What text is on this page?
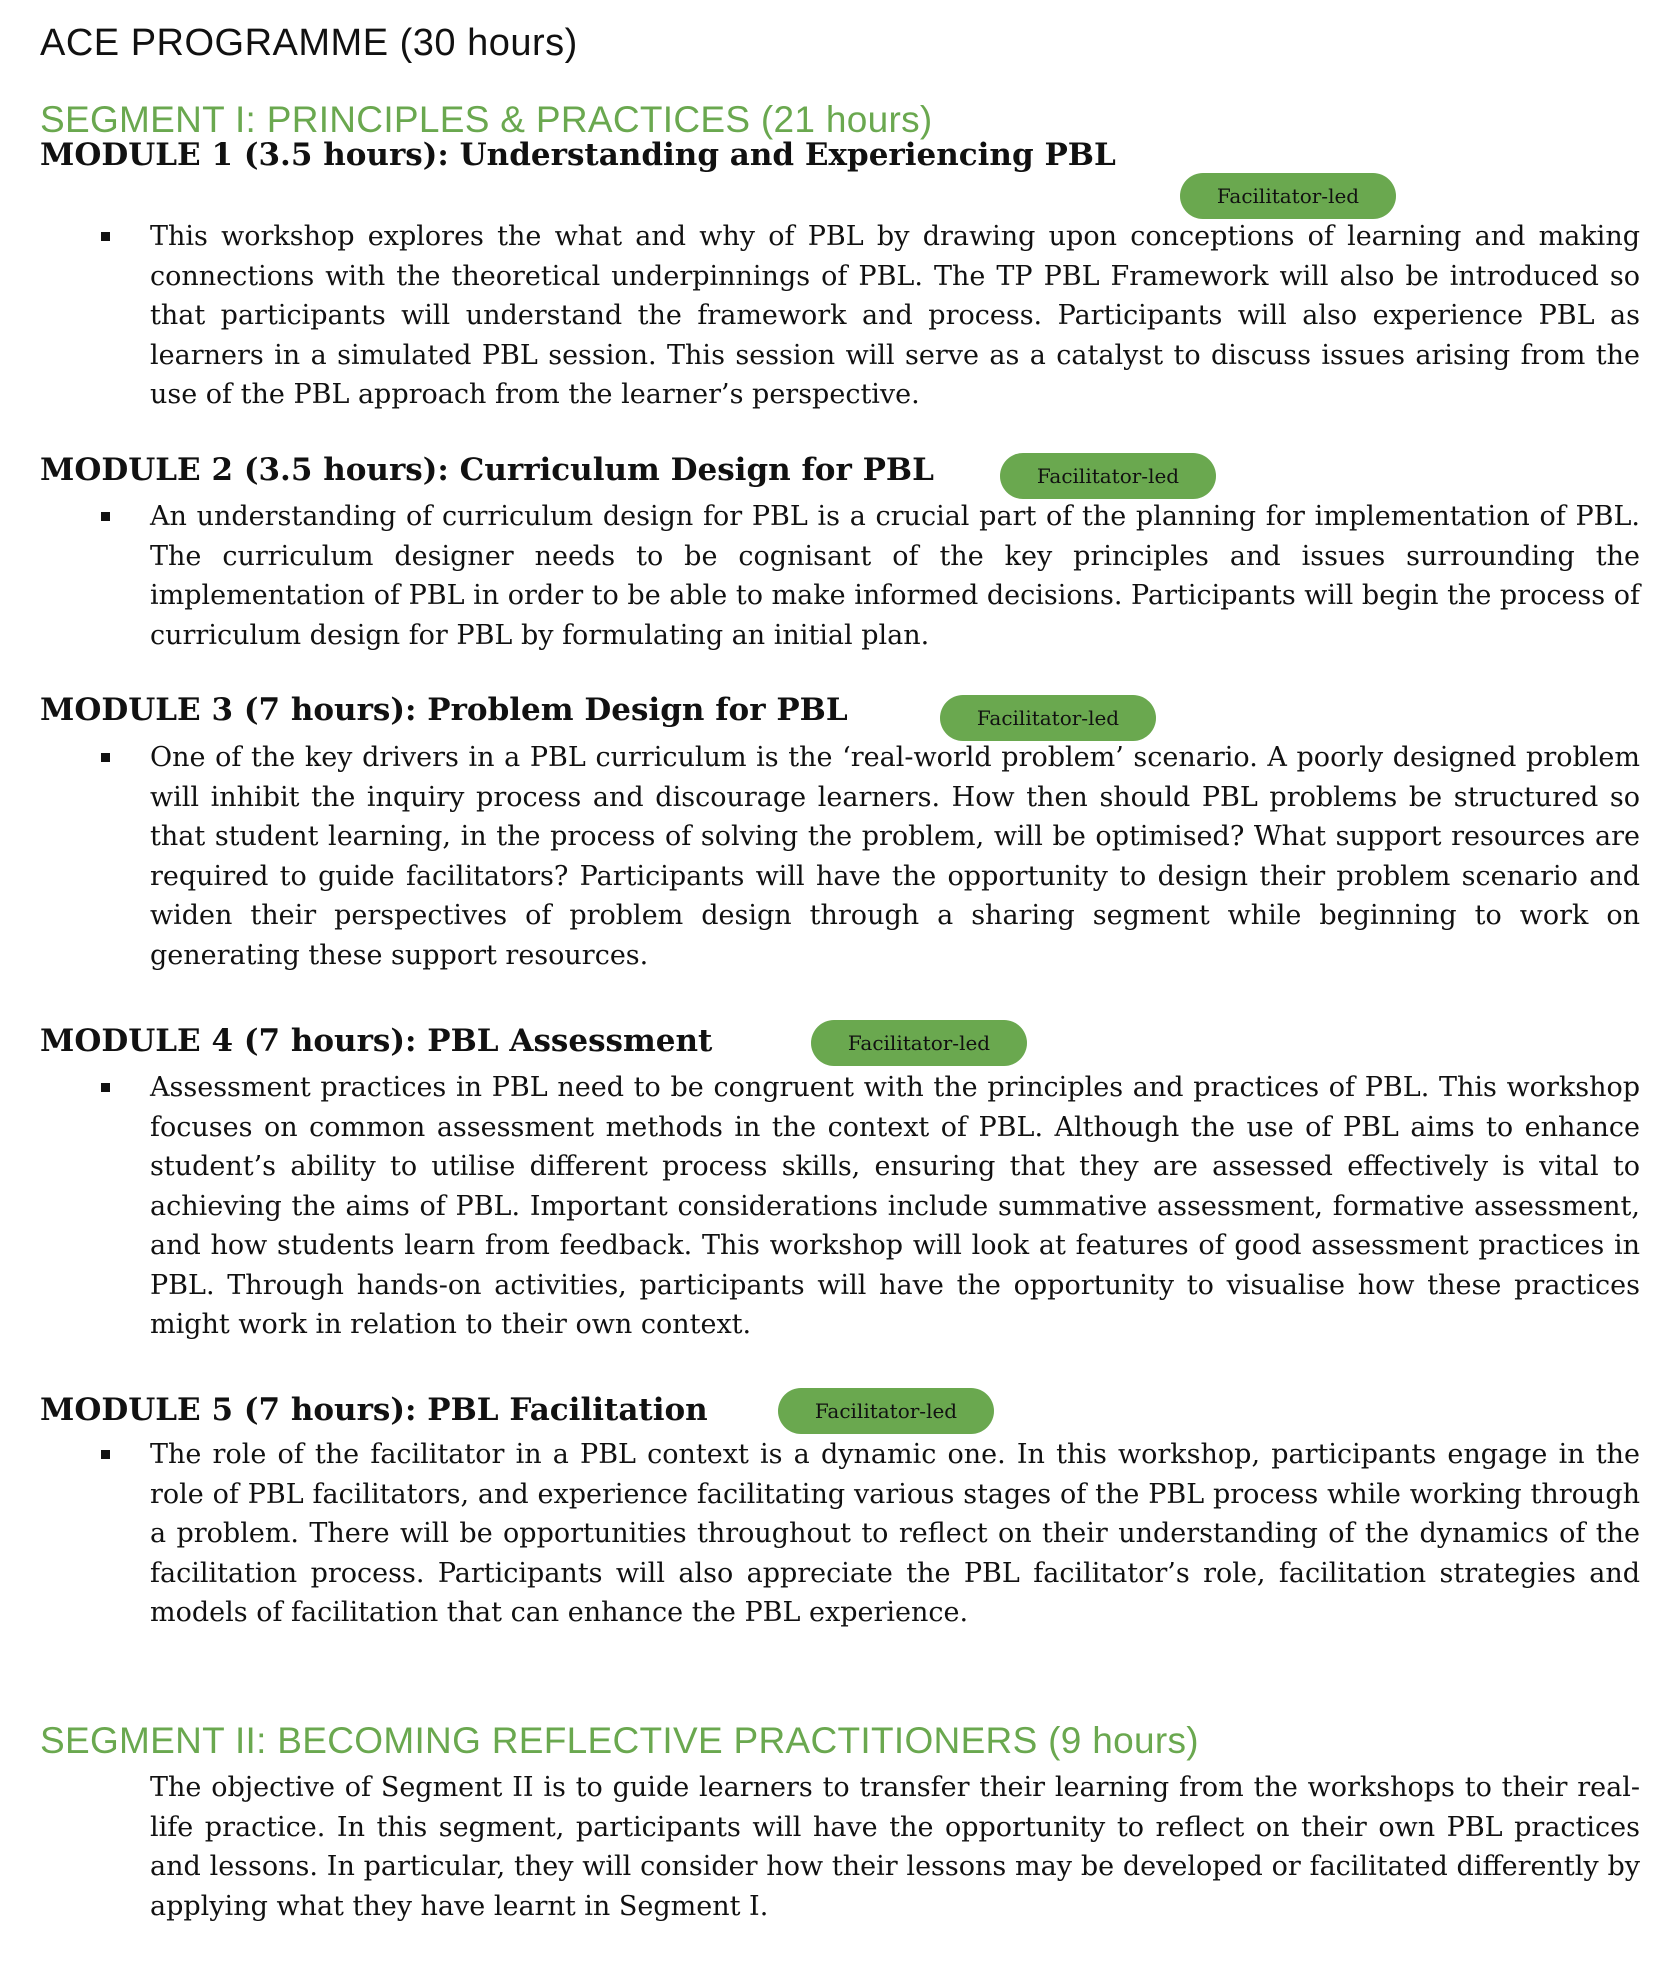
ACE PROGRAMME (30 hours)
SEGMENT I: PRINCIPLES & PRACTICES (21 hours)
MODULE 1 (3.5 hours): Understanding and Experiencing PBL
Facilitator-led

This workshop explores the what and why of PBL by drawing upon conceptions of learning and making connections with the theoretical underpinnings of PBL. The TP PBL Framework will also be introduced so that participants will understand the framework and process. Participants will also experience PBL as learners in a simulated PBL session. This session will serve as a catalyst to discuss issues arising from the use of the PBL approach from the learner’s perspective.

MODULE 2 (3.5 hours): Curriculum Design for PBL	Facilitator-led

An understanding of curriculum design for PBL is a crucial part of the planning for implementation of PBL. The curriculum designer needs to be cognisant of the key principles and issues surrounding the implementation of PBL in order to be able to make informed decisions. Participants will begin the process of curriculum design for PBL by formulating an initial plan.

MODULE 3 (7 hours): Problem Design for PBL	Facilitator-led

One of the key drivers in a PBL curriculum is the ‘real-world problem’ scenario. A poorly designed problem will inhibit the inquiry process and discourage learners. How then should PBL problems be structured so that student learning, in the process of solving the problem, will be optimised? What support resources are required to guide facilitators? Participants will have the opportunity to design their problem scenario and widen their perspectives of problem design through a sharing segment while beginning to work on generating these support resources.

MODULE 4 (7 hours): PBL Assessment	Facilitator-led

Assessment practices in PBL need to be congruent with the principles and practices of PBL. This workshop focuses on common assessment methods in the context of PBL. Although the use of PBL aims to enhance student’s ability to utilise different process skills, ensuring that they are assessed effectively is vital to achieving the aims of PBL. Important considerations include summative assessment, formative assessment, and how students learn from feedback. This workshop will look at features of good assessment practices in PBL. Through hands-on activities, participants will have the opportunity to visualise how these practices might work in relation to their own context.

MODULE 5 (7 hours): PBL Facilitation	Facilitator-led

The role of the facilitator in a PBL context is a dynamic one. In this workshop, participants engage in the role of PBL facilitators, and experience facilitating various stages of the PBL process while working through a problem. There will be opportunities throughout to reflect on their understanding of the dynamics of the facilitation process. Participants will also appreciate the PBL facilitator’s role, facilitation strategies and models of facilitation that can enhance the PBL experience.

SEGMENT II: BECOMING REFLECTIVE PRACTITIONERS (9 hours)

The objective of Segment II is to guide learners to transfer their learning from the workshops to their real-life practice. In this segment, participants will have the opportunity to reflect on their own PBL practices and lessons. In particular, they will consider how their lessons may be developed or facilitated differently by applying what they have learnt in Segment I.
